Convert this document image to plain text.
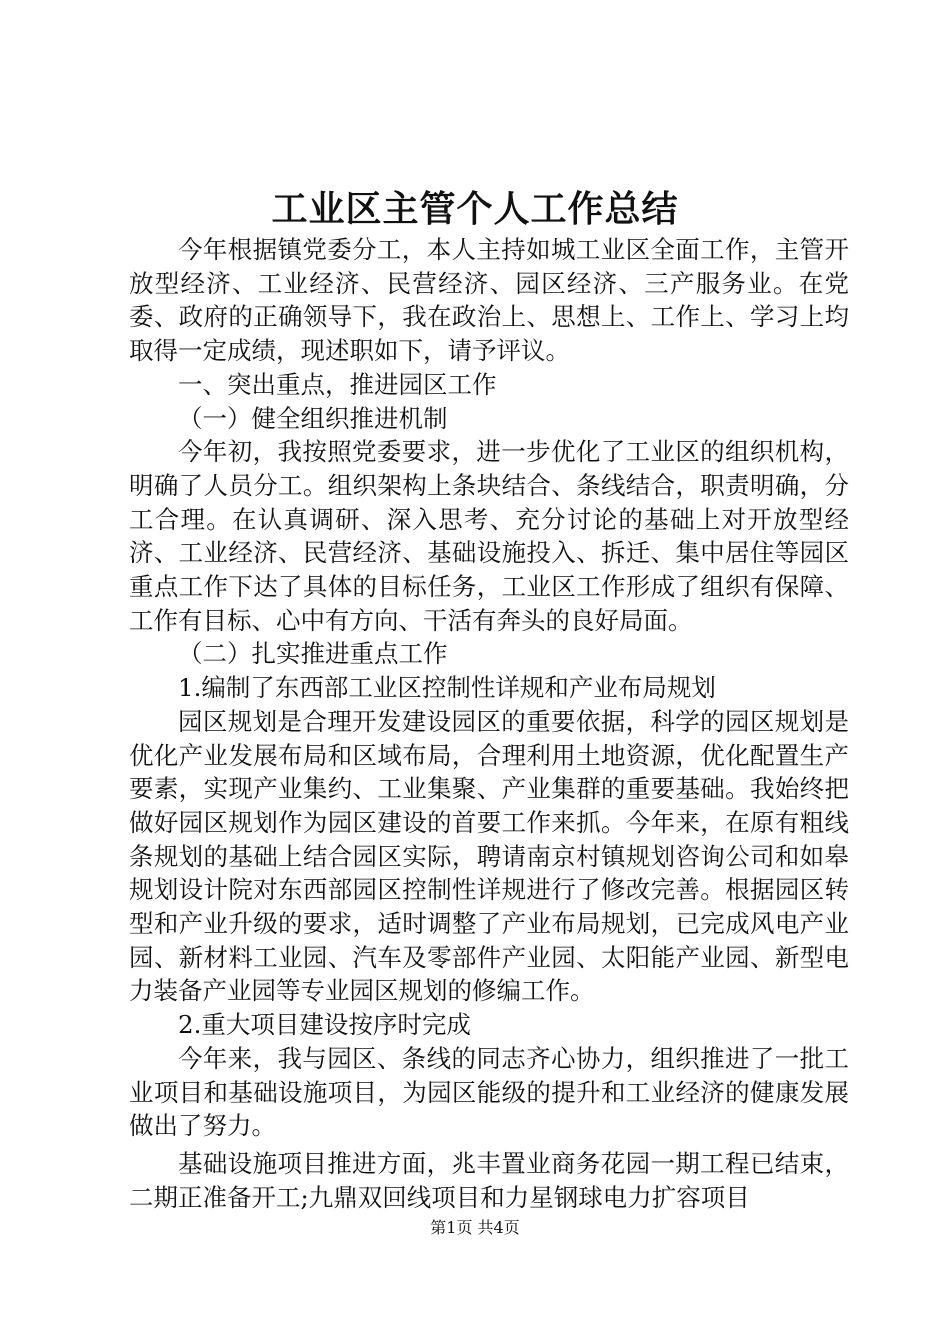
工业区主管个人工作总结

今年根据镇党委分工，本人主持如城工业区全面工作，主管开放型经济、工业经济、民营经济、园区经济、三产服务业。在党委、政府的正确领导下，我在政治上、思想上、工作上、学习上均取得一定成绩，现述职如下，请予评议。

一、突出重点，推进园区工作

（一）健全组织推进机制

今年初，我按照党委要求，进一步优化了工业区的组织机构，明确了人员分工。组织架构上条块结合、条线结合，职责明确，分工合理。在认真调研、深入思考、充分讨论的基础上对开放型经济、工业经济、民营经济、基础设施投入、拆迁、集中居住等园区重点工作下达了具体的目标任务，工业区工作形成了组织有保障、工作有目标、心中有方向、干活有奔头的良好局面。

（二）扎实推进重点工作

1.编制了东西部工业区控制性详规和产业布局规划

园区规划是合理开发建设园区的重要依据，科学的园区规划是优化产业发展布局和区域布局，合理利用土地资源，优化配置生产要素，实现产业集约、工业集聚、产业集群的重要基础。我始终把做好园区规划作为园区建设的首要工作来抓。今年来，在原有粗线条规划的基础上结合园区实际，聘请南京村镇规划咨询公司和如皋规划设计院对东西部园区控制性详规进行了修改完善。根据园区转型和产业升级的要求，适时调整了产业布局规划，已完成风电产业园、新材料工业园、汽车及零部件产业园、太阳能产业园、新型电力装备产业园等专业园区规划的修编工作。

2.重大项目建设按序时完成

今年来，我与园区、条线的同志齐心协力，组织推进了一批工业项目和基础设施项目，为园区能级的提升和工业经济的健康发展做出了努力。

基础设施项目推进方面，兆丰置业商务花园一期工程已结束，二期正准备开工;九鼎双回线项目和力星钢球电力扩容项目

第1页 共4页
